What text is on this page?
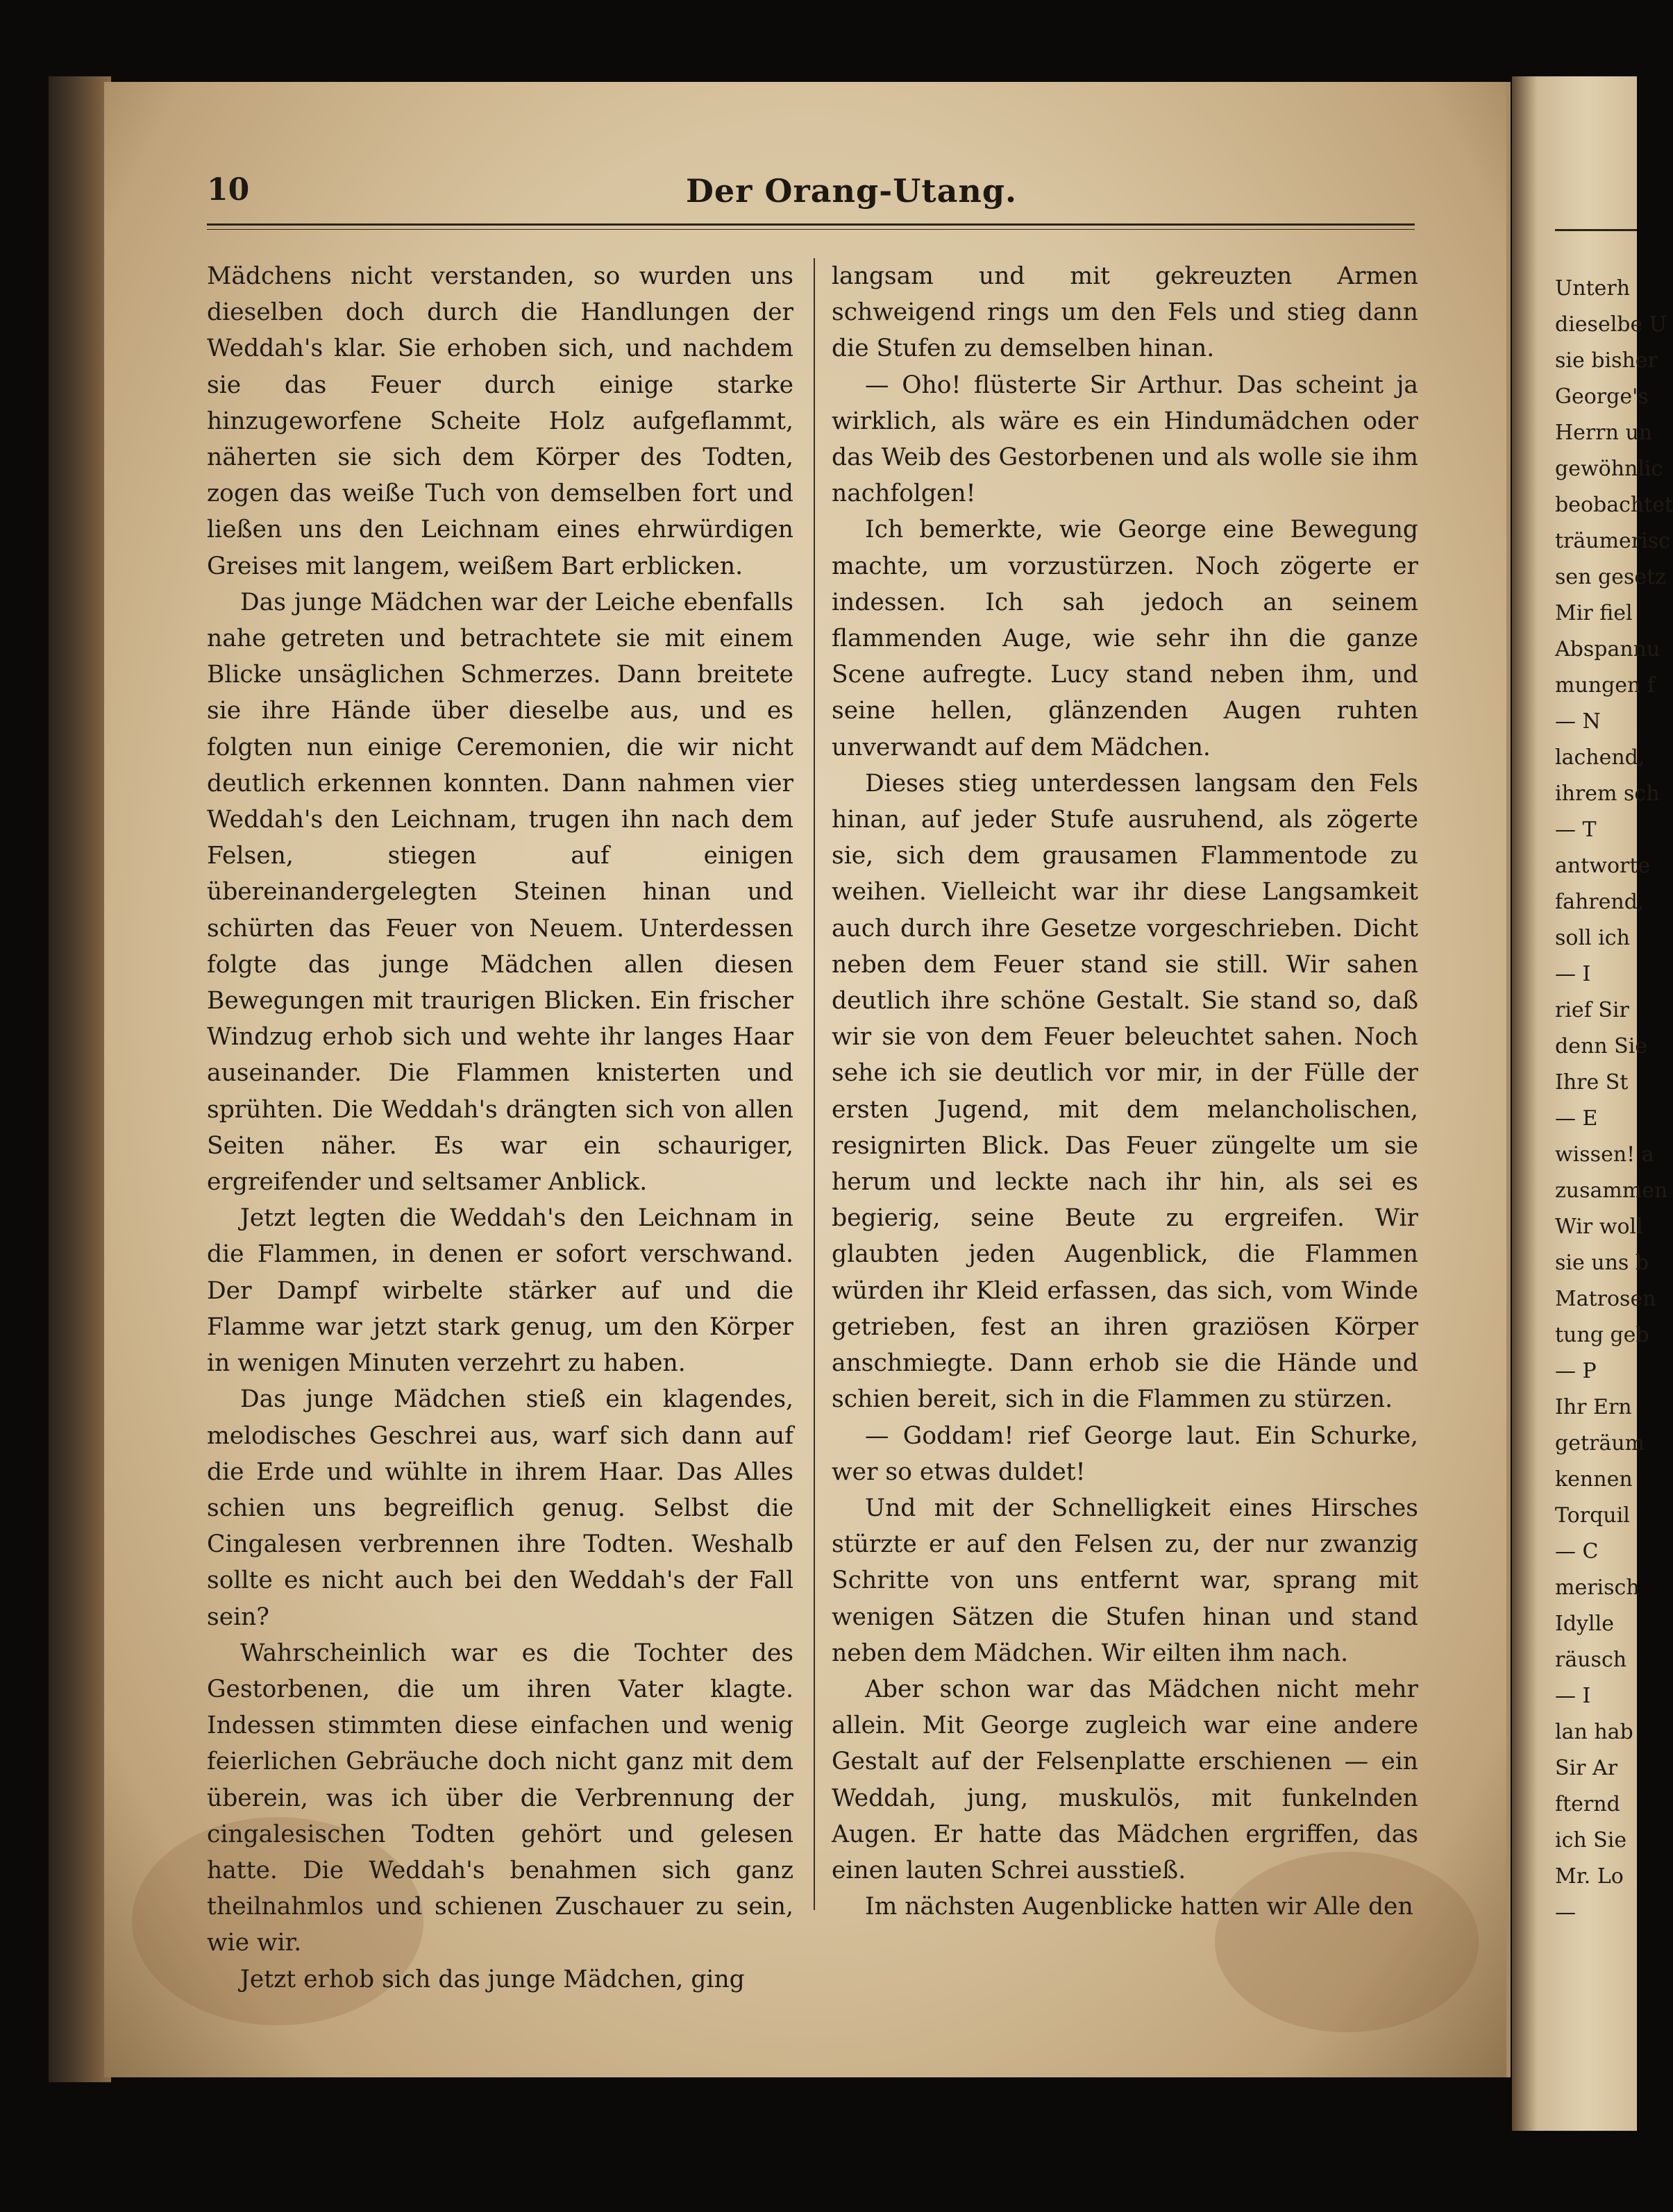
10	Der Orang-Utang.

Mädchens nicht verstanden, so wurden uns dieselben doch durch die Handlungen der Weddah's klar. Sie erhoben sich, und nachdem sie das Feuer durch einige starke hinzugeworfene Scheite Holz aufgeflammt, näherten sie sich dem Körper des Todten, zogen das weiße Tuch von demselben fort und ließen uns den Leichnam eines ehrwürdigen Greises mit langem, weißem Bart erblicken.

Das junge Mädchen war der Leiche ebenfalls nahe getreten und betrachtete sie mit einem Blicke unsäglichen Schmerzes. Dann breitete sie ihre Hände über dieselbe aus, und es folgten nun einige Ceremonien, die wir nicht deutlich erkennen konnten. Dann nahmen vier Weddah's den Leichnam, trugen ihn nach dem Felsen, stiegen auf einigen übereinandergelegten Steinen hinan und schürten das Feuer von Neuem. Unterdessen folgte das junge Mädchen allen diesen Bewegungen mit traurigen Blicken. Ein frischer Windzug erhob sich und wehte ihr langes Haar auseinander. Die Flammen knisterten und sprühten. Die Weddah's drängten sich von allen Seiten näher. Es war ein schauriger, ergreifender und seltsamer Anblick.

Jetzt legten die Weddah's den Leichnam in die Flammen, in denen er sofort verschwand. Der Dampf wirbelte stärker auf und die Flamme war jetzt stark genug, um den Körper in wenigen Minuten verzehrt zu haben.

Das junge Mädchen stieß ein klagendes, melodisches Geschrei aus, warf sich dann auf die Erde und wühlte in ihrem Haar. Das Alles schien uns begreiflich genug. Selbst die Cingalesen verbrennen ihre Todten. Weshalb sollte es nicht auch bei den Weddah's der Fall sein?

Wahrscheinlich war es die Tochter des Gestorbenen, die um ihren Vater klagte. Indessen stimmten diese einfachen und wenig feierlichen Gebräuche doch nicht ganz mit dem überein, was ich über die Verbrennung der cingalesischen Todten gehört und gelesen hatte. Die Weddah's benahmen sich ganz theilnahmlos und schienen Zuschauer zu sein, wie wir.

Jetzt erhob sich das junge Mädchen, ging

langsam und mit gekreuzten Armen schweigend rings um den Fels und stieg dann die Stufen zu demselben hinan.

— Oho! flüsterte Sir Arthur. Das scheint ja wirklich, als wäre es ein Hindumädchen oder das Weib des Gestorbenen und als wolle sie ihm nachfolgen!

Ich bemerkte, wie George eine Bewegung machte, um vorzustürzen. Noch zögerte er indessen. Ich sah jedoch an seinem flammenden Auge, wie sehr ihn die ganze Scene aufregte. Lucy stand neben ihm, und seine hellen, glänzenden Augen ruhten unverwandt auf dem Mädchen.

Dieses stieg unterdessen langsam den Fels hinan, auf jeder Stufe ausruhend, als zögerte sie, sich dem grausamen Flammentode zu weihen. Vielleicht war ihr diese Langsamkeit auch durch ihre Gesetze vorgeschrieben. Dicht neben dem Feuer stand sie still. Wir sahen deutlich ihre schöne Gestalt. Sie stand so, daß wir sie von dem Feuer beleuchtet sahen. Noch sehe ich sie deutlich vor mir, in der Fülle der ersten Jugend, mit dem melancholischen, resignirten Blick. Das Feuer züngelte um sie herum und leckte nach ihr hin, als sei es begierig, seine Beute zu ergreifen. Wir glaubten jeden Augenblick, die Flammen würden ihr Kleid erfassen, das sich, vom Winde getrieben, fest an ihren graziösen Körper anschmiegte. Dann erhob sie die Hände und schien bereit, sich in die Flammen zu stürzen.

— Goddam! rief George laut. Ein Schurke, wer so etwas duldet!

Und mit der Schnelligkeit eines Hirsches stürzte er auf den Felsen zu, der nur zwanzig Schritte von uns entfernt war, sprang mit wenigen Sätzen die Stufen hinan und stand neben dem Mädchen. Wir eilten ihm nach.

Aber schon war das Mädchen nicht mehr allein. Mit George zugleich war eine andere Gestalt auf der Felsenplatte erschienen — ein Weddah, jung, muskulös, mit funkelnden Augen. Er hatte das Mädchen ergriffen, das einen lauten Schrei ausstieß.

Im nächsten Augenblicke hatten wir Alle den

Unterh
dieselbe U
sie bisher
George's
Herrn un
gewöhnlic
beobachtet
träumerisc
sen gesetz
Mir fiel
Abspannu
mungen f
— N
lachend,
ihrem sch
— T
antworte
fahrend,
soll ich
— I
rief Sir
denn Sie
Ihre St
— E
wissen! a
zusammen
Wir woll
sie uns b
Matrosen
tung geb
— P
Ihr Ern
geträum
kennen
Torquil
— C
merisch
Idylle
räusch
— I
lan hab
Sir Ar
fternd
ich Sie
Mr. Lo
—
